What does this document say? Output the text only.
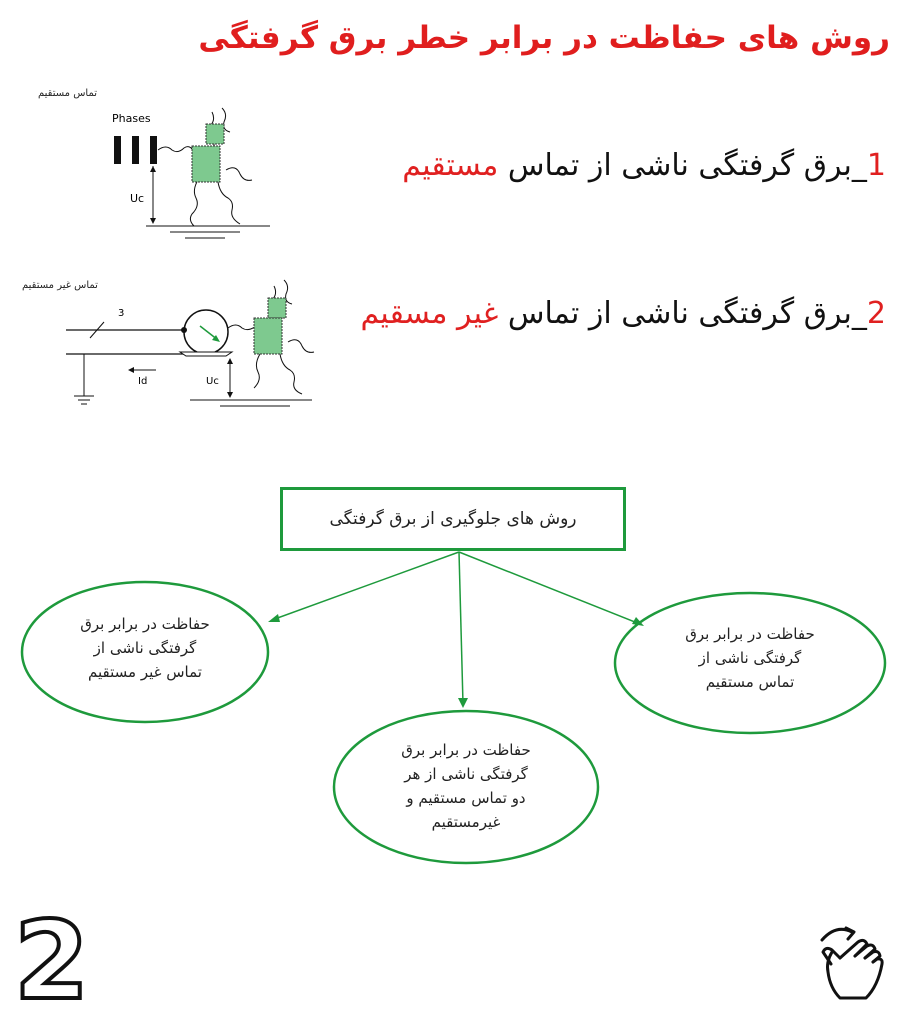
روش های حفاظت در برابر خطر برق گرفتگی
تماس مستقیم
Phases
Uc
1_برق گرفتگی ناشی از تماس مستقیم
تماس غیر مستقیم
3
Id	Uc
2_برق گرفتگی ناشی از تماس غیر مسقیم
روش های جلوگیری از برق گرفتگی
حفاظت در برابر برق
گرفتگی ناشی از
تماس غیر مستقیم
حفاظت در برابر برق
گرفتگی ناشی از هر
دو تماس مستقیم و
غیرمستقیم
حفاظت در برابر برق
گرفتگی ناشی از
تماس مستقیم
2
